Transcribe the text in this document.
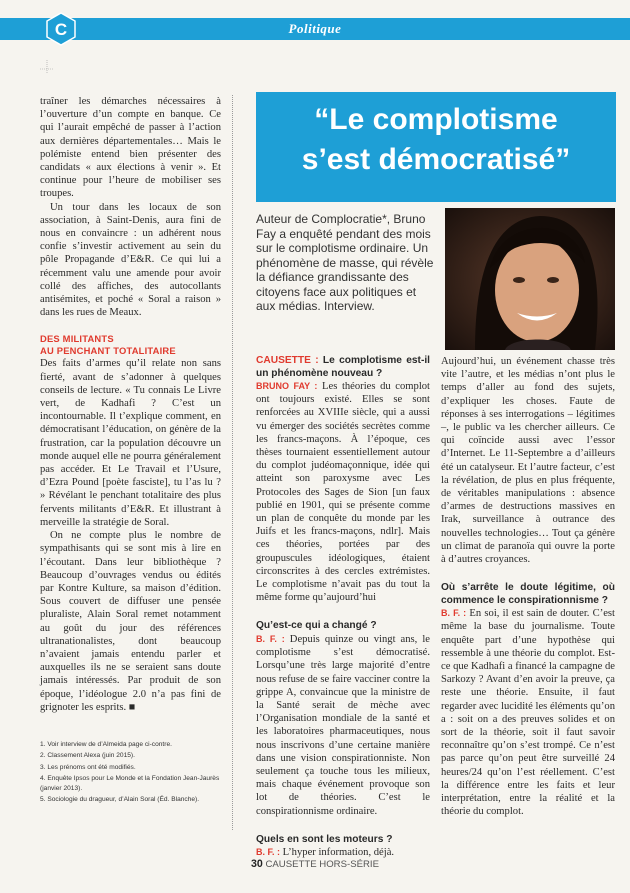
Politique
C

traîner les démarches nécessaires à l’ouverture d’un compte en banque. Ce qui l’aurait empêché de passer à l’action aux dernières départementales… Mais le polémiste entend bien présenter des candidats « aux élections à venir ». Et continue pour l’heure de mobiliser ses troupes.

Un tour dans les locaux de son association, à Saint-Denis, aura fini de nous en convaincre : un adhérent nous confie s’investir activement au sein du pôle Propagande d’E&R. Ce qui lui a récemment valu une amende pour avoir collé des affiches, des autocollants antisémites, et poché « Soral a raison » dans les rues de Meaux.

DES MILITANTS
AU PENCHANT TOTALITAIRE

Des faits d’armes qu’il relate non sans fierté, avant de s’adonner à quelques conseils de lecture. « Tu connais Le Livre vert, de Kadhafi ? C’est un incontournable. Il t’explique comment, en démocratisant l’éducation, on génère de la frustration, car la population découvre un monde auquel elle ne pourra généralement pas accéder. Et Le Travail et l’Usure, d’Ezra Pound [poète fasciste], tu l’as lu ? » Révélant le penchant totalitaire des plus fervents militants d’E&R. Et illustrant à merveille la stratégie de Soral.

On ne compte plus le nombre de sympathisants qui se sont mis à lire en l’écoutant. Dans leur bibliothèque ? Beaucoup d’ouvrages vendus ou édités par Kontre Kulture, sa maison d’édition. Sous couvert de diffuser une pensée pluraliste, Alain Soral remet notamment au goût du jour des références ultranationalistes, dont beaucoup n’avaient jamais entendu parler et auxquelles ils ne se seraient sans doute jamais intéressés. Par produit de son époque, l’idéologue 2.0 n’a pas fini de grignoter les esprits. ■

1. Voir interview de d’Almeida page ci-contre.
2. Classement Alexa (juin 2015).
3. Les prénoms ont été modifiés.
4. Enquête Ipsos pour Le Monde et la Fondation Jean-Jaurès (janvier 2013).
5. Sociologie du dragueur, d’Alain Soral (Éd. Blanche).
“Le complotisme
s’est démocratisé”
Auteur de Complocratie*, Bruno Fay a enquêté pendant des mois sur le complotisme ordinaire. Un phénomène de masse, qui révèle la défiance grandissante des citoyens face aux politiques et aux médias. Interview.
CAUSETTE : Le complotisme est-il un phénomène nouveau ?

BRUNO FAY : Les théories du complot ont toujours existé. Elles se sont renforcées au XVIIIe siècle, qui a aussi vu émerger des sociétés secrètes comme les francs-maçons. À l’époque, ces thèses tournaient essentiellement autour du complot judéomaçonnique, idée qui atteint son paroxysme avec Les Protocoles des Sages de Sion [un faux publié en 1901, qui se présente comme un plan de conquête du monde par les Juifs et les francs-maçons, ndlr]. Mais ces théories, portées par des groupuscules idéologiques, étaient circonscrites à des cercles extrémistes. Le complotisme n’avait pas du tout la même forme qu’aujourd’hui

Qu’est-ce qui a changé ?

B. F. : Depuis quinze ou vingt ans, le complotisme s’est démocratisé. Lorsqu’une très large majorité d’entre nous refuse de se faire vacciner contre la grippe A, convaincue que la ministre de la Santé serait de mèche avec l’Organisation mondiale de la santé et les laboratoires pharmaceutiques, nous nous inscrivons d’une certaine manière dans une vision conspirationniste. Non seulement ça touche tous les milieux, mais chaque événement provoque son lot de théories. C’est le conspirationnisme ordinaire.

Quels en sont les moteurs ?

B. F. : L’hyper information, déjà.

Aujourd’hui, un événement chasse très vite l’autre, et les médias n’ont plus le temps d’aller au fond des sujets, d’expliquer les choses. Faute de réponses à ses interrogations – légitimes –, le public va les chercher ailleurs. Ce qui coïncide aussi avec l’essor d’Internet. Le 11-Septembre a d’ailleurs été un catalyseur. Et l’autre facteur, c’est la révélation, de plus en plus fréquente, de véritables manipulations : absence d’armes de destructions massives en Irak, surveillance à outrance des nouvelles technologies… Tout ça génère un climat de paranoïa qui ouvre la porte à d’autres croyances.

Où s’arrête le doute légitime, où commence le conspirationnisme ?

B. F. : En soi, il est sain de douter. C’est même la base du journalisme. Toute enquête part d’une hypothèse qui ressemble à une théorie du complot. Est-ce que Kadhafi a financé la campagne de Sarkozy ? Avant d’en avoir la preuve, ça reste une théorie. Ensuite, il faut regarder avec lucidité les éléments qu’on a : soit on a des preuves solides et on sort de la théorie, soit il faut savoir reconnaître qu’on s’est trompé. Ce n’est pas parce qu’on peut être surveillé 24 heures/24 qu’on l’est réellement. C’est la différence entre les faits et leur interprétation, entre la réalité et la théorie du complot.

30 CAUSETTE HORS-SÉRIE
